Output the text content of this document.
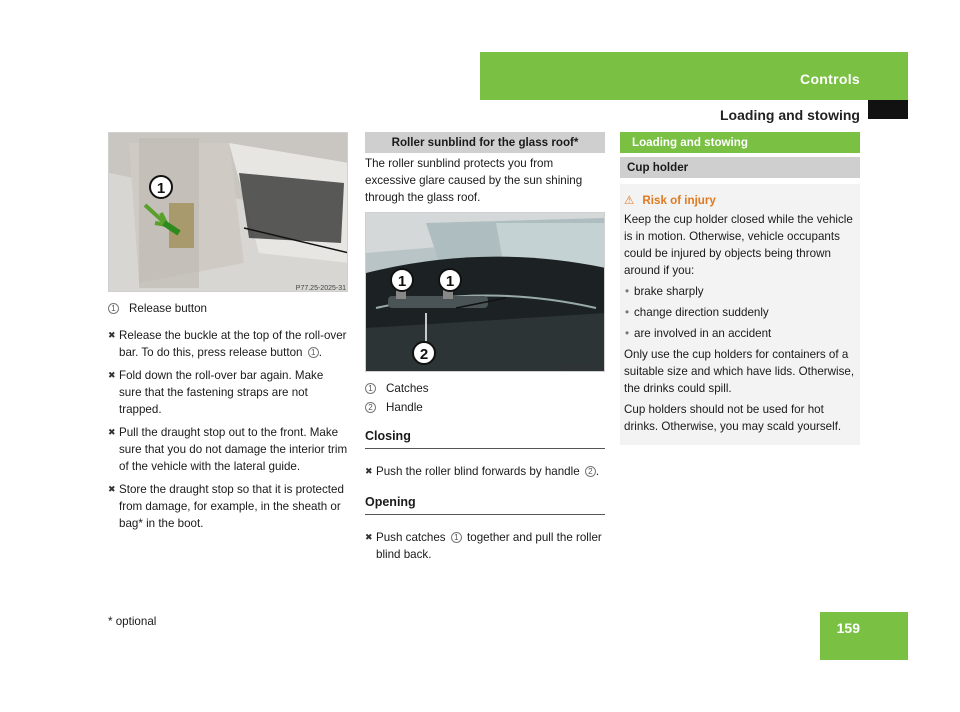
Controls
Loading and stowing
1
P77.25-2025-31

1 Release button

✖ Release the buckle at the top of the roll-over bar. To do this, press release button 1 .
✖ Fold down the roll-over bar again. Make sure that the fastening straps are not trapped.
✖ Pull the draught stop out to the front. Make sure that you do not damage the interior trim of the vehicle with the lateral guide.
✖ Store the draught stop so that it is protected from damage, for example, in the sheath or bag* in the boot.
Roller sunblind for the glass roof*

The roller sunblind protects you from excessive glare caused by the sun shining through the glass roof.

1	1
2
P68.50-2367-31

1 Catches

2 Handle

Closing
✖ Push the roller blind forwards by handle 2 .
Opening
✖ Push catches 1 together and pull the roller blind back.
Loading and stowing
Cup holder
⚠ Risk of injury

Keep the cup holder closed while the vehicle is in motion. Otherwise, vehicle occupants could be injured by objects being thrown around if you:

• brake sharply
• change direction suddenly
• are involved in an accident

Only use the cup holders for containers of a suitable size and which have lids. Otherwise, the drinks could spill.

Cup holders should not be used for hot drinks. Otherwise, you may scald yourself.

* optional	159
